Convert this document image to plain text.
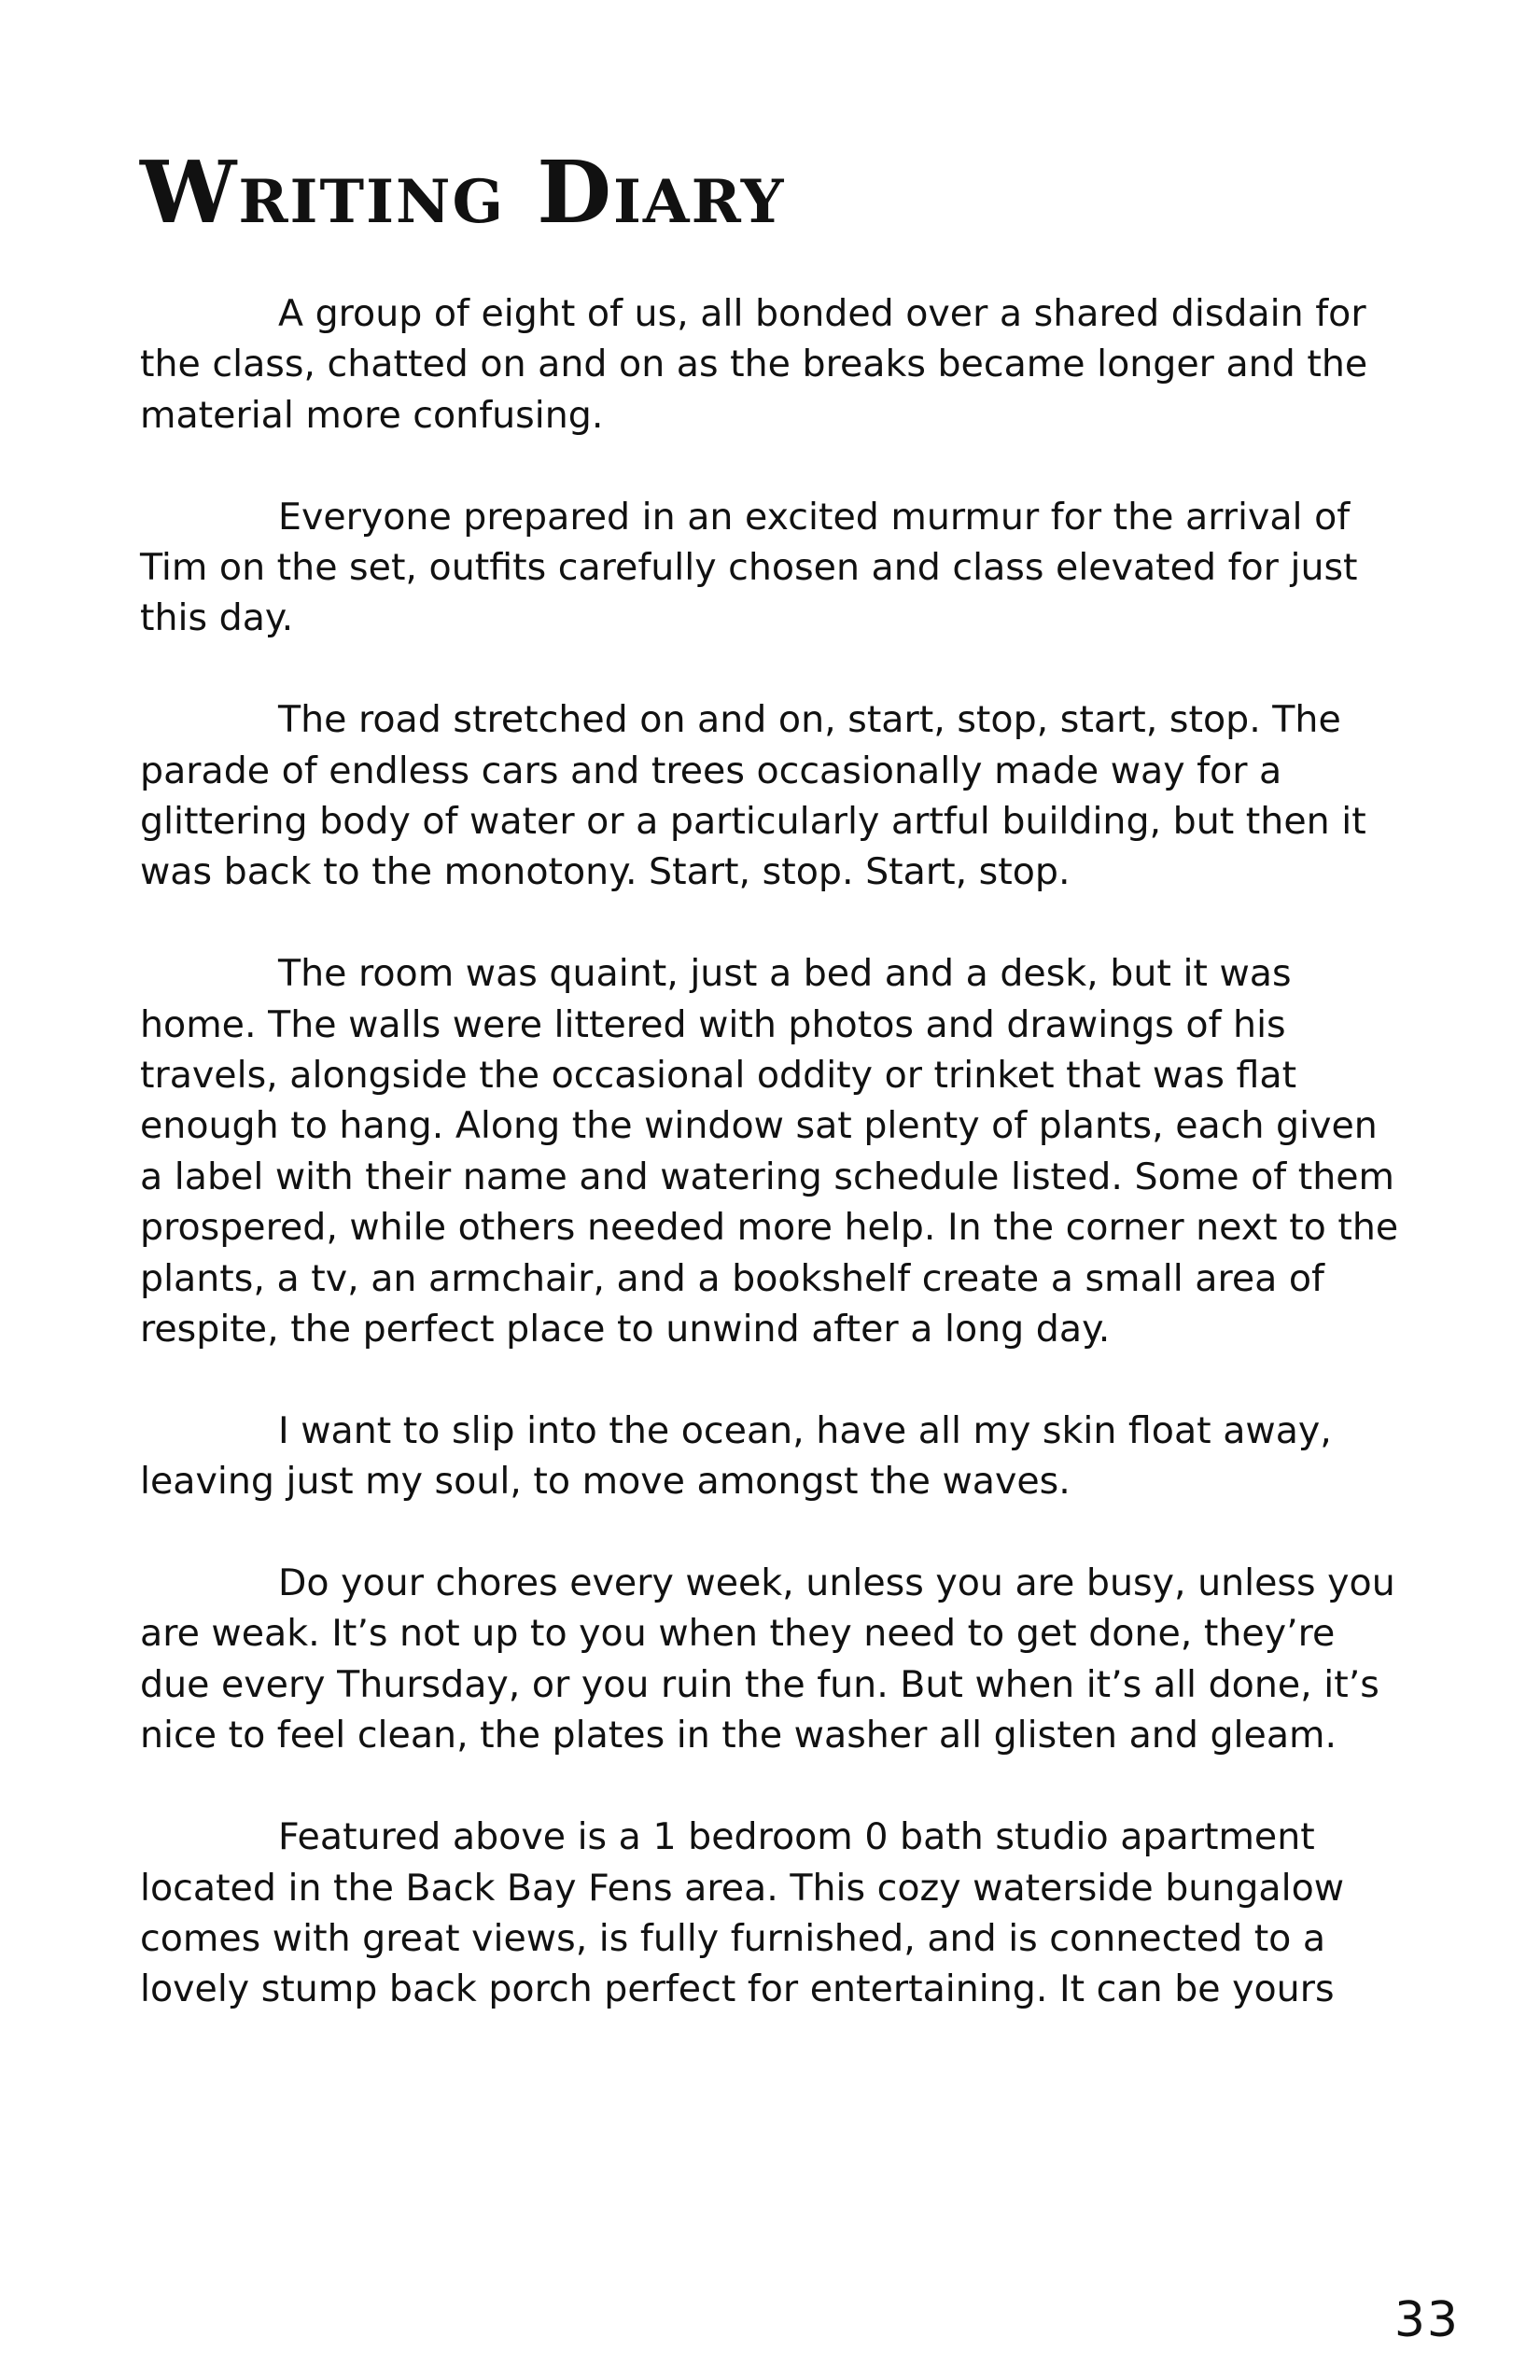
Writing Diary

A group of eight of us, all bonded over a shared disdain for the class, chatted on and on as the breaks became longer and the material more confusing.

Everyone prepared in an excited murmur for the arrival of Tim on the set, outfits carefully chosen and class elevated for just this day.

The road stretched on and on, start, stop, start, stop. The parade of endless cars and trees occasionally made way for a glittering body of water or a particularly artful building, but then it was back to the monotony. Start, stop. Start, stop.

The room was quaint, just a bed and a desk, but it was home. The walls were littered with photos and drawings of his travels, alongside the occasional oddity or trinket that was flat enough to hang. Along the window sat plenty of plants, each given a label with their name and watering schedule listed. Some of them prospered, while others needed more help. In the corner next to the plants, a tv, an armchair, and a bookshelf create a small area of respite, the perfect place to unwind after a long day.

I want to slip into the ocean, have all my skin float away, leaving just my soul, to move amongst the waves.

Do your chores every week, unless you are busy, unless you are weak. It’s not up to you when they need to get done, they’re due every Thursday, or you ruin the fun. But when it’s all done, it’s nice to feel clean, the plates in the washer all glisten and gleam.

Featured above is a 1 bedroom 0 bath studio apartment located in the Back Bay Fens area. This cozy waterside bungalow comes with great views, is fully furnished, and is connected to a lovely stump back porch perfect for entertaining. It can be yours

33
